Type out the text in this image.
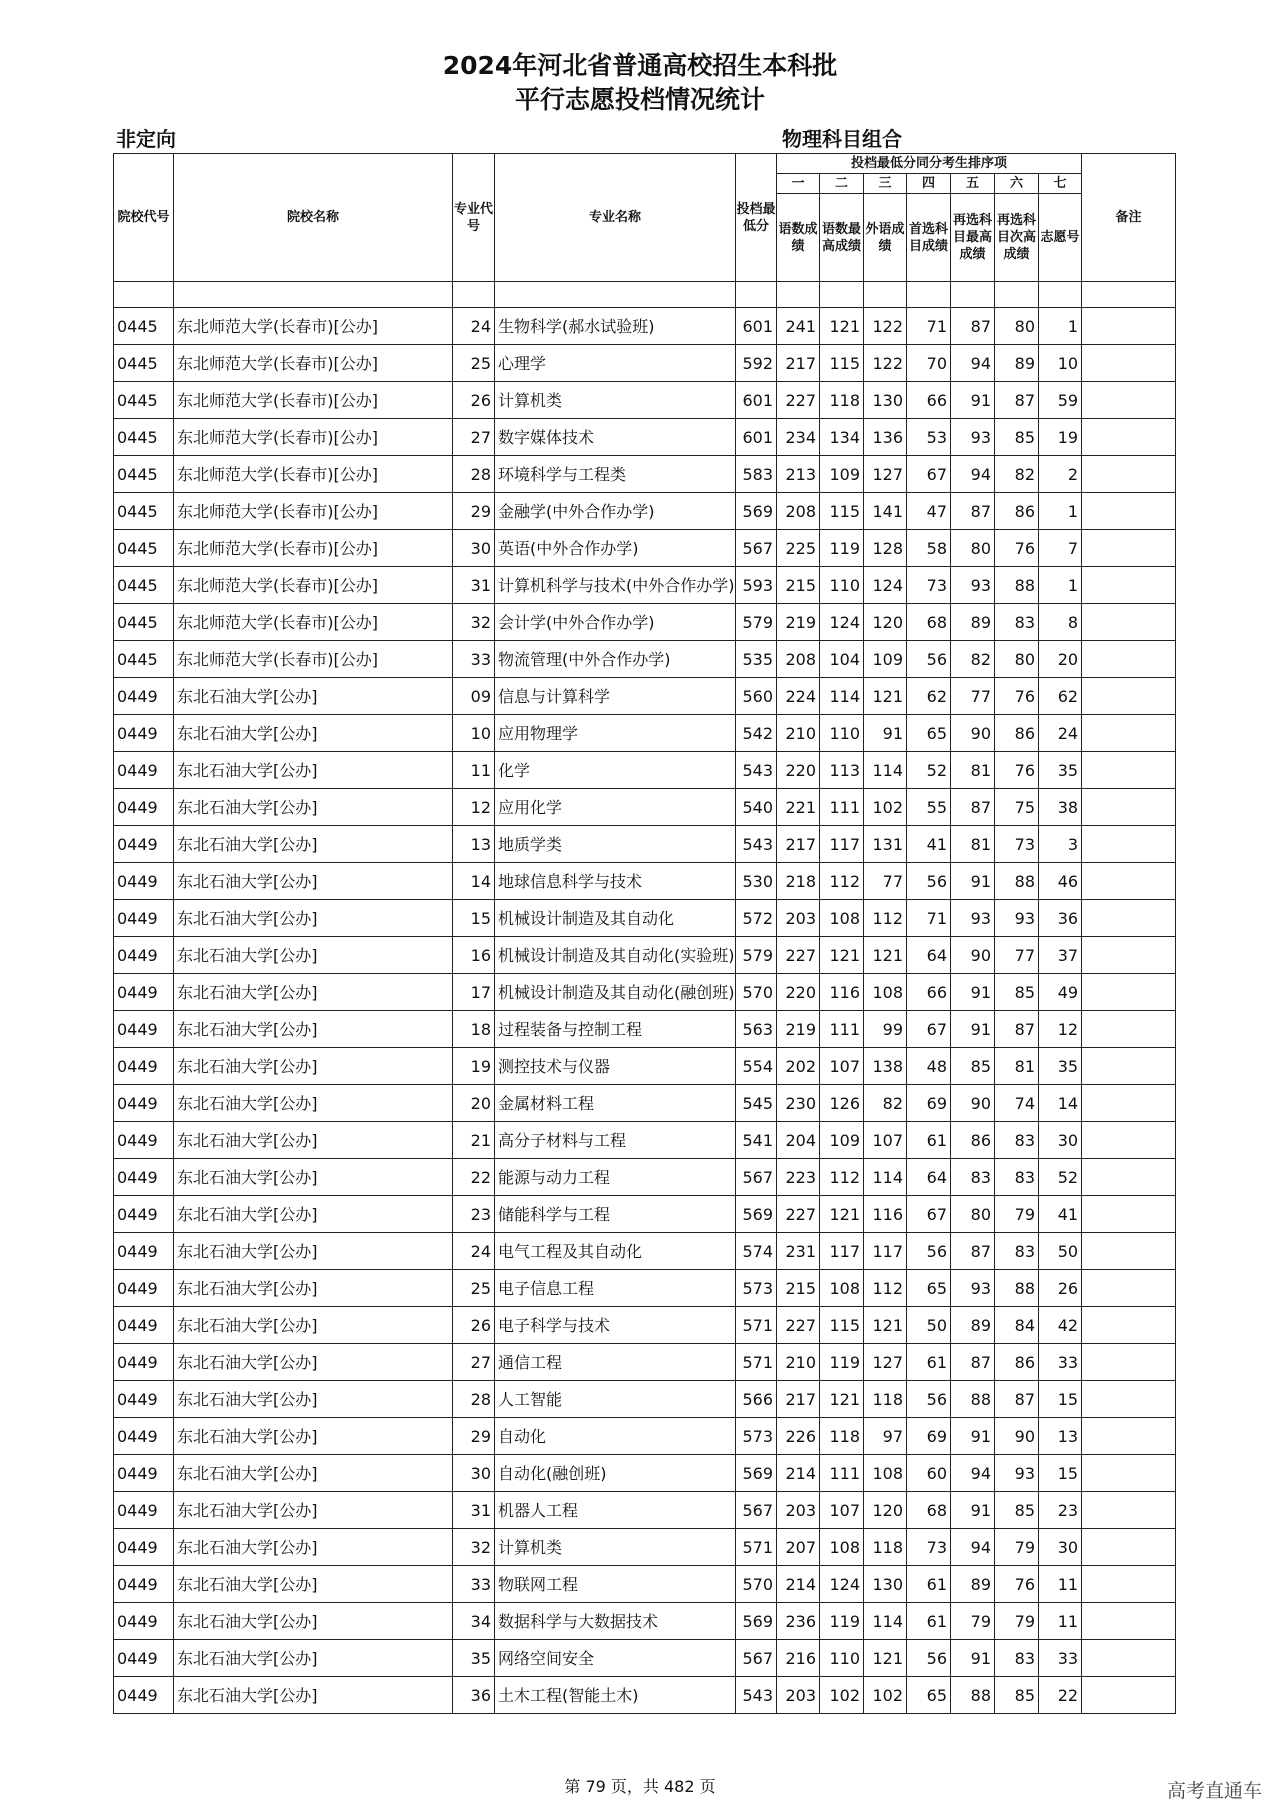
2024年河北省普通高校招生本科批
平行志愿投档情况统计
非定向	物理科目组合
院校代号	院校名称	专业代号	专业名称	投档最低分	投档最低分同分考生排序项							备注
					一	二	三	四	五	六	七	
					语数成绩	语数最高成绩	外语成绩	首选科目成绩	再选科目最高成绩	再选科目次高成绩	志愿号	

0445	东北师范大学(长春市)[公办]	24	生物科学(郝水试验班)	601	241	121	122	71	87	80	1	
0445	东北师范大学(长春市)[公办]	25	心理学	592	217	115	122	70	94	89	10	
0445	东北师范大学(长春市)[公办]	26	计算机类	601	227	118	130	66	91	87	59	
0445	东北师范大学(长春市)[公办]	27	数字媒体技术	601	234	134	136	53	93	85	19	
0445	东北师范大学(长春市)[公办]	28	环境科学与工程类	583	213	109	127	67	94	82	2	
0445	东北师范大学(长春市)[公办]	29	金融学(中外合作办学)	569	208	115	141	47	87	86	1	
0445	东北师范大学(长春市)[公办]	30	英语(中外合作办学)	567	225	119	128	58	80	76	7	
0445	东北师范大学(长春市)[公办]	31	计算机科学与技术(中外合作办学)	593	215	110	124	73	93	88	1	
0445	东北师范大学(长春市)[公办]	32	会计学(中外合作办学)	579	219	124	120	68	89	83	8	
0445	东北师范大学(长春市)[公办]	33	物流管理(中外合作办学)	535	208	104	109	56	82	80	20	
0449	东北石油大学[公办]	09	信息与计算科学	560	224	114	121	62	77	76	62	
0449	东北石油大学[公办]	10	应用物理学	542	210	110	91	65	90	86	24	
0449	东北石油大学[公办]	11	化学	543	220	113	114	52	81	76	35	
0449	东北石油大学[公办]	12	应用化学	540	221	111	102	55	87	75	38	
0449	东北石油大学[公办]	13	地质学类	543	217	117	131	41	81	73	3	
0449	东北石油大学[公办]	14	地球信息科学与技术	530	218	112	77	56	91	88	46	
0449	东北石油大学[公办]	15	机械设计制造及其自动化	572	203	108	112	71	93	93	36	
0449	东北石油大学[公办]	16	机械设计制造及其自动化(实验班)	579	227	121	121	64	90	77	37	
0449	东北石油大学[公办]	17	机械设计制造及其自动化(融创班)	570	220	116	108	66	91	85	49	
0449	东北石油大学[公办]	18	过程装备与控制工程	563	219	111	99	67	91	87	12	
0449	东北石油大学[公办]	19	测控技术与仪器	554	202	107	138	48	85	81	35	
0449	东北石油大学[公办]	20	金属材料工程	545	230	126	82	69	90	74	14	
0449	东北石油大学[公办]	21	高分子材料与工程	541	204	109	107	61	86	83	30	
0449	东北石油大学[公办]	22	能源与动力工程	567	223	112	114	64	83	83	52	
0449	东北石油大学[公办]	23	储能科学与工程	569	227	121	116	67	80	79	41	
0449	东北石油大学[公办]	24	电气工程及其自动化	574	231	117	117	56	87	83	50	
0449	东北石油大学[公办]	25	电子信息工程	573	215	108	112	65	93	88	26	
0449	东北石油大学[公办]	26	电子科学与技术	571	227	115	121	50	89	84	42	
0449	东北石油大学[公办]	27	通信工程	571	210	119	127	61	87	86	33	
0449	东北石油大学[公办]	28	人工智能	566	217	121	118	56	88	87	15	
0449	东北石油大学[公办]	29	自动化	573	226	118	97	69	91	90	13	
0449	东北石油大学[公办]	30	自动化(融创班)	569	214	111	108	60	94	93	15	
0449	东北石油大学[公办]	31	机器人工程	567	203	107	120	68	91	85	23	
0449	东北石油大学[公办]	32	计算机类	571	207	108	118	73	94	79	30	
0449	东北石油大学[公办]	33	物联网工程	570	214	124	130	61	89	76	11	
0449	东北石油大学[公办]	34	数据科学与大数据技术	569	236	119	114	61	79	79	11	
0449	东北石油大学[公办]	35	网络空间安全	567	216	110	121	56	91	83	33	
0449	东北石油大学[公办]	36	土木工程(智能土木)	543	203	102	102	65	88	85	22	
第 79 页，共 482 页	高考直通车
